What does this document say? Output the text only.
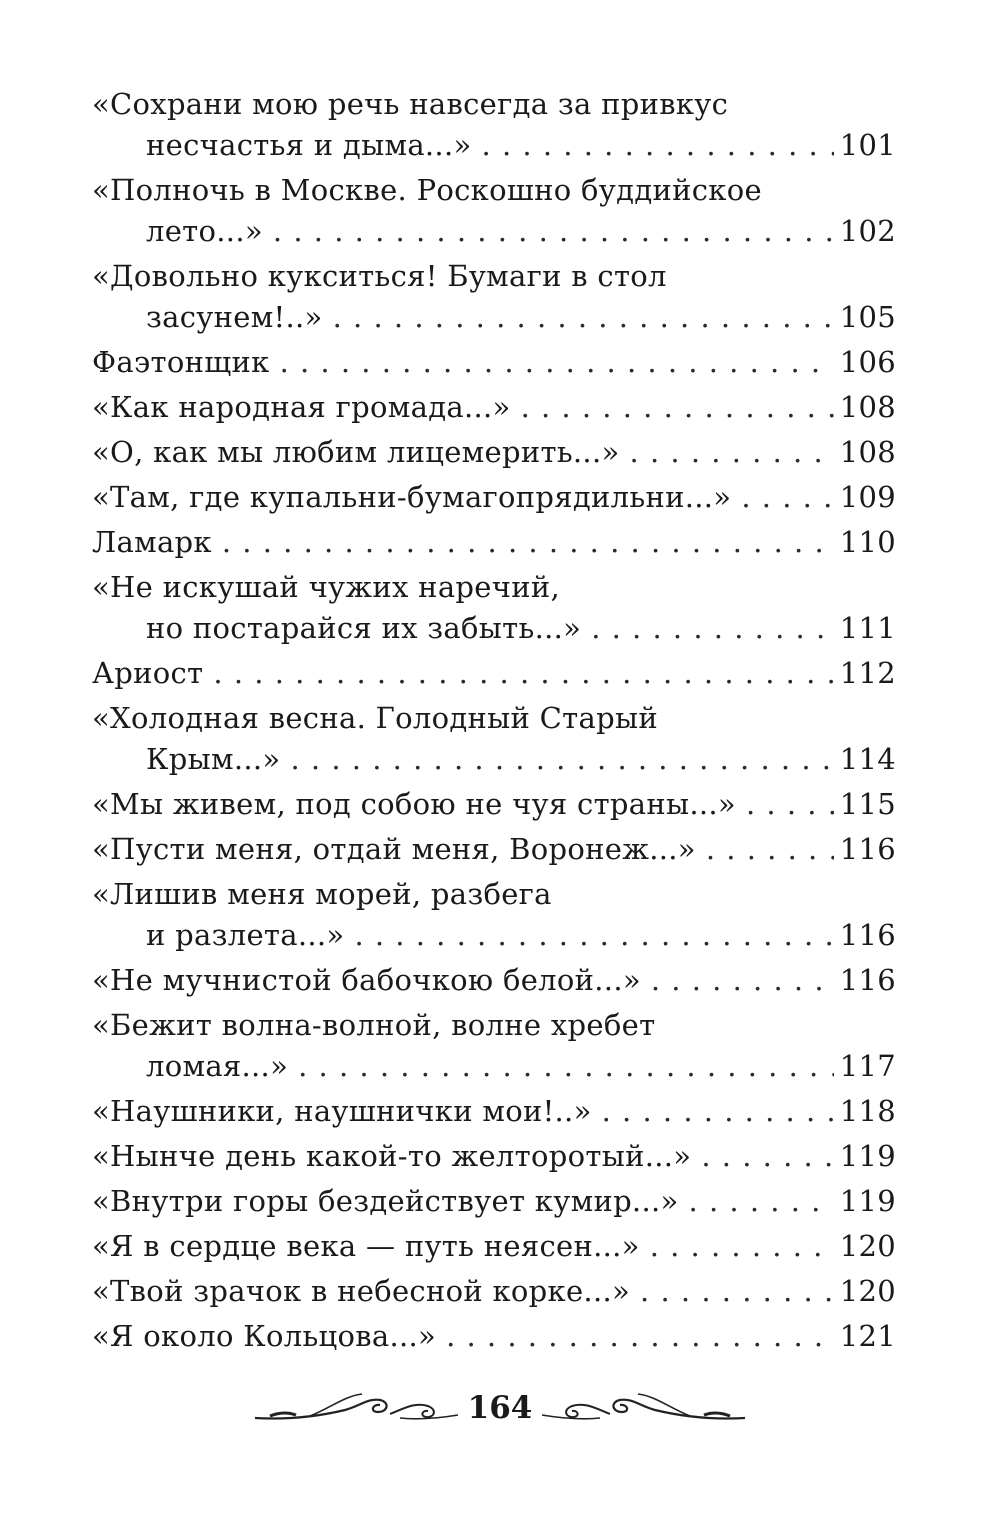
«Сохрани мою речь навсегда за привкус
несчастья и дыма...» . . .	101
«Полночь в Москве. Роскошно буддийское
лето...» . . .	102
«Довольно кукситься! Бумаги в стол
засунем!..» . . .	105
Фаэтонщик . . .	106
«Как народная громада...» . . .	108
«О, как мы любим лицемерить...» . . .	108
«Там, где купальни-бумагопрядильни...» . . .	109
Ламарк . . .	110
«Не искушай чужих наречий,
но постарайся их забыть...» . . .	111
Ариост . . .	112
«Холодная весна. Голодный Старый
Крым...» . . .	114
«Мы живем, под собою не чуя страны...» . . .	115
«Пусти меня, отдай меня, Воронеж...» . . .	116
«Лишив меня морей, разбега
и разлета...» . . .	116
«Не мучнистой бабочкою белой...» . . .	116
«Бежит волна-волной, волне хребет
ломая...» . . .	117
«Наушники, наушнички мои!..» . . .	118
«Нынче день какой-то желторотый...» . . .	119
«Внутри горы бездействует кумир...» . . .	119
«Я в сердце века — путь неясен...» . . .	120
«Твой зрачок в небесной корке...» . . .	120
«Я около Кольцова...» . . .	121
164
